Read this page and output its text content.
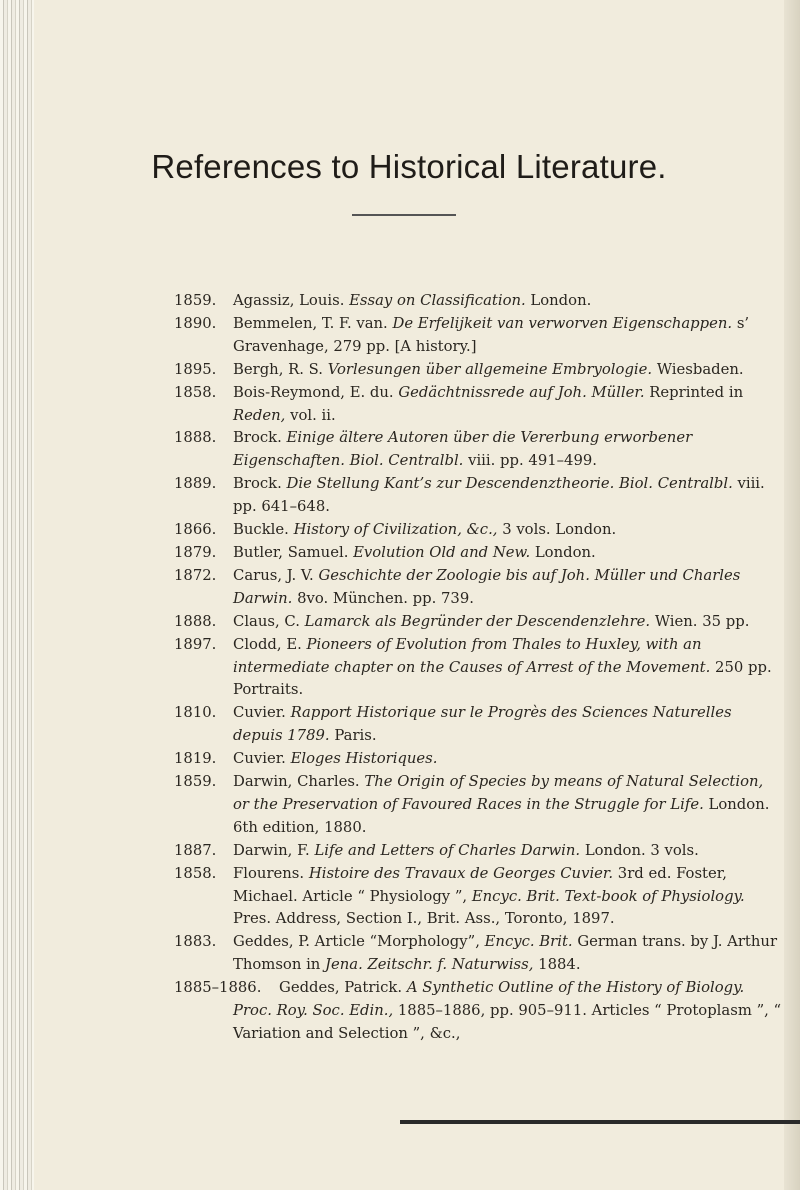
References to Historical Literature.
1859. Agassiz, Louis. Essay on Classification. London.
1890. Bemmelen, T. F. van. De Erfelijkeit van verworven Eigenschappen. s’ Gravenhage, 279 pp. [A history.]
1895. Bergh, R. S. Vorlesungen über allgemeine Embryologie. Wiesbaden.
1858. Bois-Reymond, E. du. Gedächtnissrede auf Joh. Müller. Reprinted in Reden, vol. ii.
1888. Brock. Einige ältere Autoren über die Vererbung erworbener Eigenschaften. Biol. Centralbl. viii. pp. 491–499.
1889. Brock. Die Stellung Kant’s zur Descendenztheorie. Biol. Centralbl. viii. pp. 641–648.
1866. Buckle. History of Civilization, &c., 3 vols. London.
1879. Butler, Samuel. Evolution Old and New. London.
1872. Carus, J. V. Geschichte der Zoologie bis auf Joh. Müller und Charles Darwin. 8vo. München. pp. 739.
1888. Claus, C. Lamarck als Begründer der Descendenzlehre. Wien. 35 pp.
1897. Clodd, E. Pioneers of Evolution from Thales to Huxley, with an intermediate chapter on the Causes of Arrest of the Movement. 250 pp. Portraits.
1810. Cuvier. Rapport Historique sur le Progrès des Sciences Naturelles depuis 1789. Paris.
1819. Cuvier. Eloges Historiques.
1859. Darwin, Charles. The Origin of Species by means of Natural Selection, or the Preservation of Favoured Races in the Struggle for Life. London. 6th edition, 1880.
1887. Darwin, F. Life and Letters of Charles Darwin. London. 3 vols.
1858. Flourens. Histoire des Travaux de Georges Cuvier. 3rd ed. Foster, Michael. Article “ Physiology ”, Encyc. Brit. Text-book of Physiology. Pres. Address, Section I., Brit. Ass., Toronto, 1897.
1883. Geddes, P. Article “Morphology”, Encyc. Brit. German trans. by J. Arthur Thomson in Jena. Zeitschr. f. Naturwiss, 1884.
1885–1886.	Geddes, Patrick. A Synthetic Outline of the History of Biology. Proc. Roy. Soc. Edin., 1885–1886, pp. 905–911. Articles “ Protoplasm ”, “ Variation and Selection ”, &c.,
